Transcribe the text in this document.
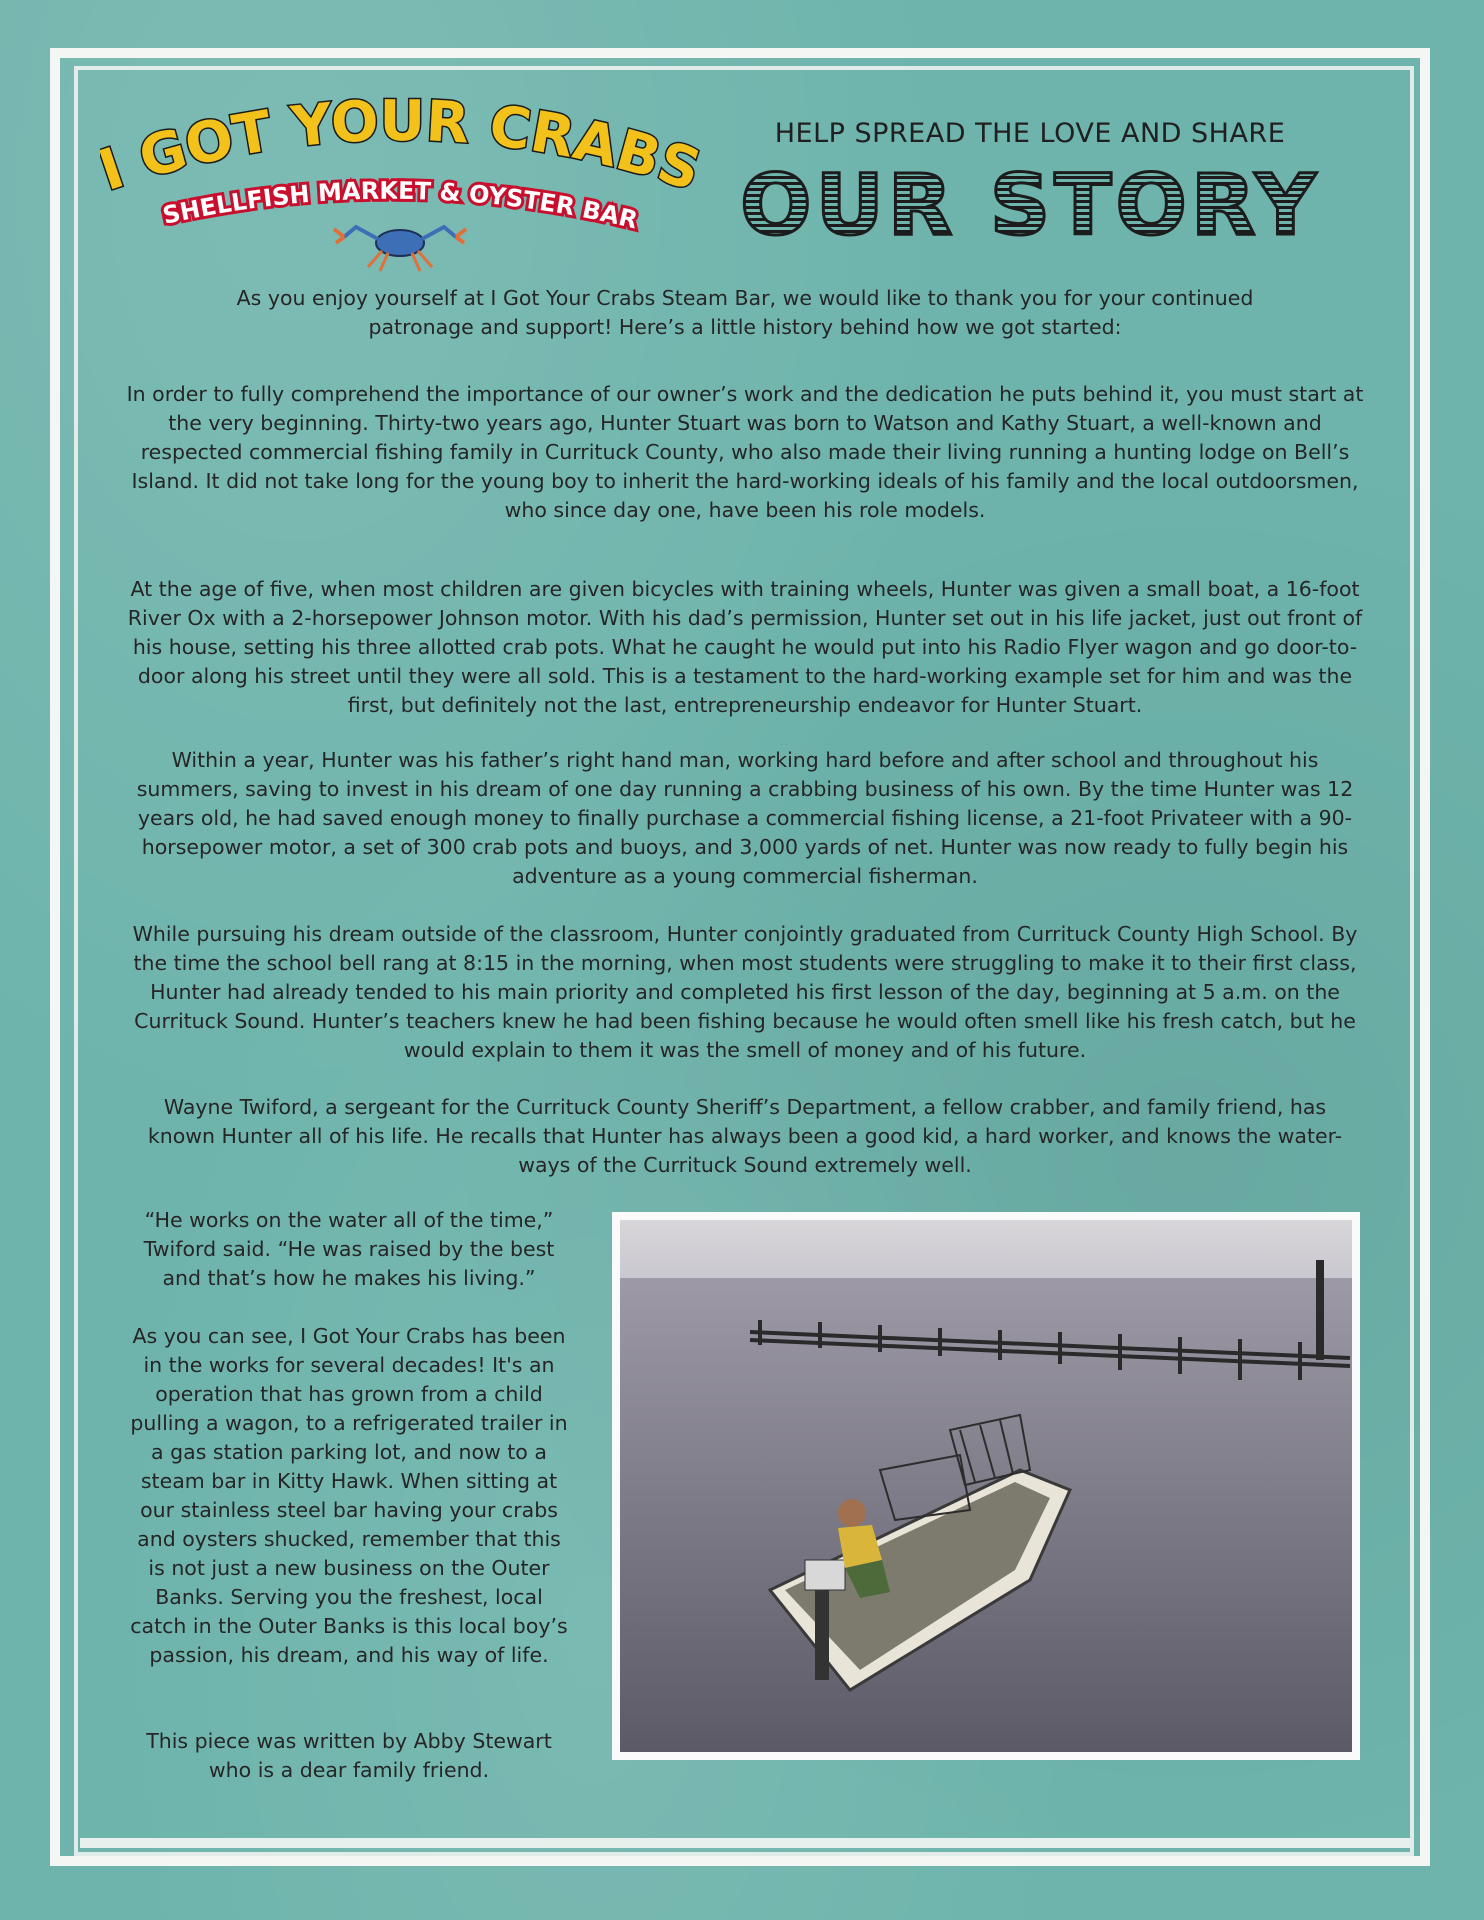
GOT YOUR CRAB
SHELLFISH MARKET & OYSTER BAR
HELP SPREAD THE LOVE AND SHARE
OUR STORY
As you enjoy yourself at I Got Your Crabs Steam Bar, we would like to thank you for your continued patronage and support! Here’s a little history behind how we got started:
In order to fully comprehend the importance of our owner’s work and the dedication he puts behind it, you must start at the very beginning. Thirty-two years ago, Hunter Stuart was born to Watson and Kathy Stuart, a well-known and respected commercial fishing family in Currituck County, who also made their living running a hunting lodge on Bell’s Island. It did not take long for the young boy to inherit the hard-working ideals of his family and the local outdoorsmen, who since day one, have been his role models.
At the age of five, when most children are given bicycles with training wheels, Hunter was given a small boat, a 16-foot River Ox with a 2-horsepower Johnson motor. With his dad’s permission, Hunter set out in his life jacket, just out front of his house, setting his three allotted crab pots. What he caught he would put into his Radio Flyer wagon and go door-to-door along his street until they were all sold. This is a testament to the hard-working example set for him and was the first, but definitely not the last, entrepreneurship endeavor for Hunter Stuart.
Within a year, Hunter was his father’s right hand man, working hard before and after school and throughout his summers, saving to invest in his dream of one day running a crabbing business of his own. By the time Hunter was 12 years old, he had saved enough money to finally purchase a commercial fishing license, a 21-foot Privateer with a 90-horsepower motor, a set of 300 crab pots and buoys, and 3,000 yards of net. Hunter was now ready to fully begin his adventure as a young commercial fisherman.
While pursuing his dream outside of the classroom, Hunter conjointly graduated from Currituck County High School. By the time the school bell rang at 8:15 in the morning, when most students were struggling to make it to their first class, Hunter had already tended to his main priority and completed his first lesson of the day, beginning at 5 a.m. on the Currituck Sound. Hunter’s teachers knew he had been fishing because he would often smell like his fresh catch, but he would explain to them it was the smell of money and of his future.
Wayne Twiford, a sergeant for the Currituck County Sheriff’s Department, a fellow crabber, and family friend, has known Hunter all of his life. He recalls that Hunter has always been a good kid, a hard worker, and knows the water-ways of the Currituck Sound extremely well.
“He works on the water all of the time,” Twiford said. “He was raised by the best and that’s how he makes his living.”
As you can see, I Got Your Crabs has been in the works for several decades! It's an operation that has grown from a child pulling a wagon, to a refrigerated trailer in a gas station parking lot, and now to a steam bar in Kitty Hawk. When sitting at our stainless steel bar having your crabs and oysters shucked, remember that this is not just a new business on the Outer Banks. Serving you the freshest, local catch in the Outer Banks is this local boy’s passion, his dream, and his way of life.
This piece was written by Abby Stewart who is a dear family friend.
